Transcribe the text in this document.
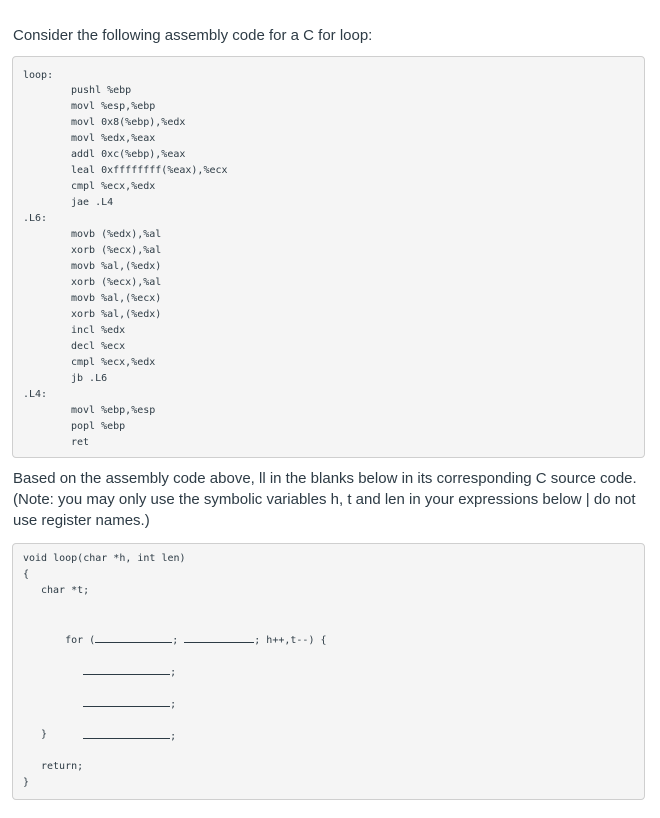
Consider the following assembly code for a C for loop:

loop:

pushl %ebp

movl %esp,%ebp

movl 0x8(%ebp),%edx

movl %edx,%eax

addl 0xc(%ebp),%eax

leal 0xffffffff(%eax),%ecx

cmpl %ecx,%edx

jae .L4

.L6:

movb (%edx),%al

xorb (%ecx),%al

movb %al,(%edx)

xorb (%ecx),%al

movb %al,(%ecx)

xorb %al,(%edx)

incl %edx

decl %ecx

cmpl %ecx,%edx

jb .L6

.L4:

movl %ebp,%esp

popl %ebp

ret

Based on the assembly code above, ll in the blanks below in its corresponding C source code. (Note: you may only use the symbolic variables h, t and len in your expressions below | do not use register names.)

void loop(char *h, int len)

{

char *t;

for (	;	; h++,t--) {

;

;

;

}

return;

}
